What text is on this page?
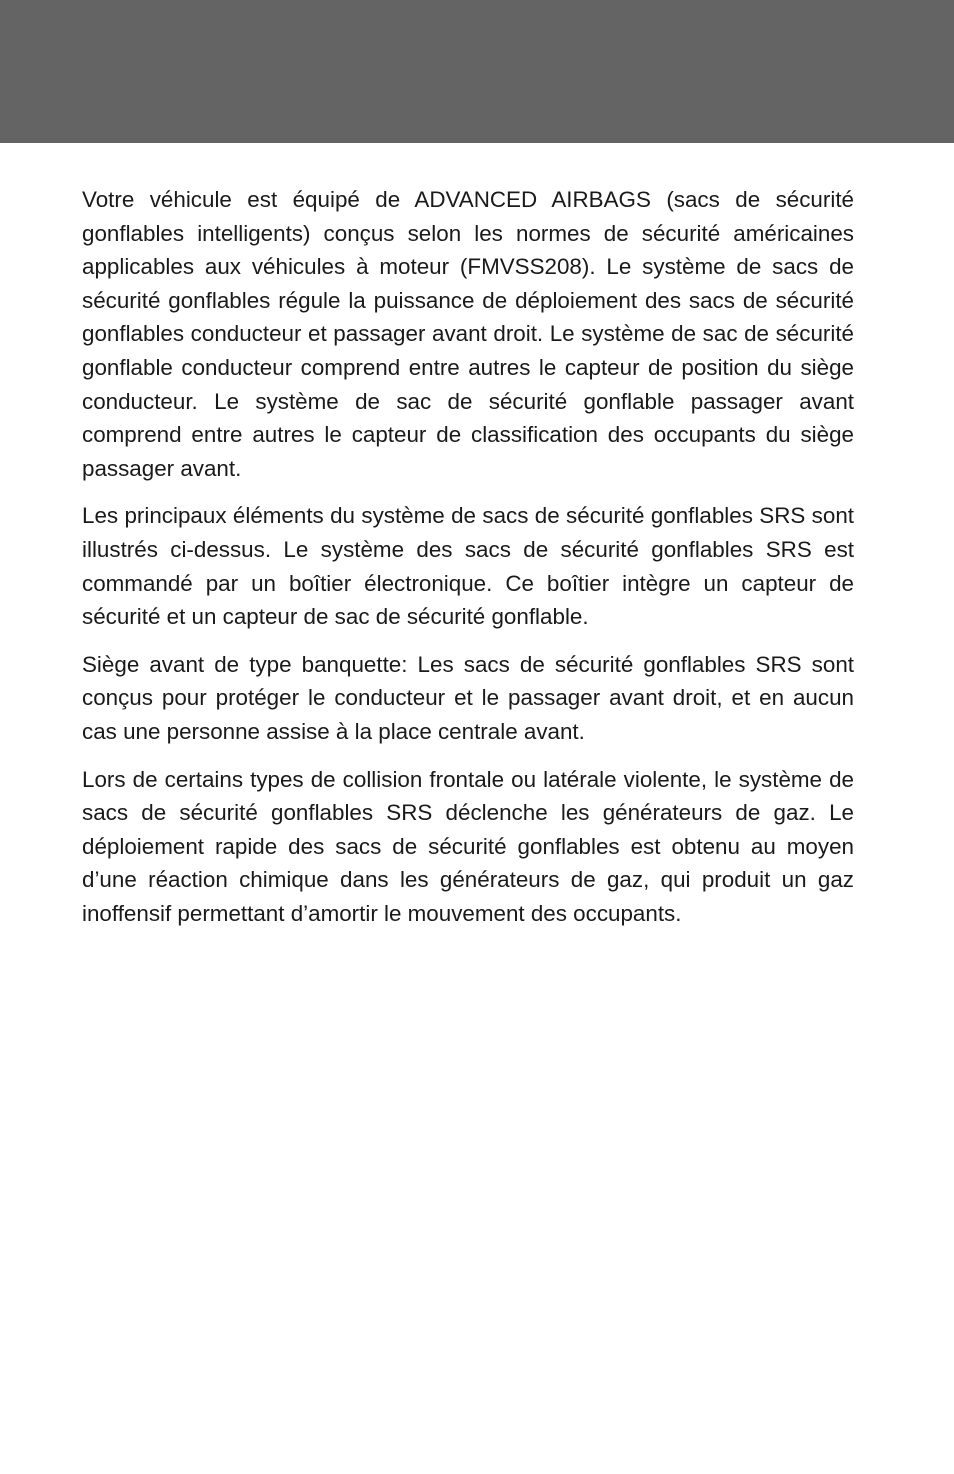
Votre véhicule est équipé de ADVANCED AIRBAGS (sacs de sécurité gonflables intelligents) conçus selon les normes de sécurité américaines applicables aux véhicules à moteur (FMVSS208). Le système de sacs de sécurité gonflables régule la puissance de déploiement des sacs de sécurité gonflables conducteur et passager avant droit. Le système de sac de sécurité gonflable conducteur comprend entre autres le capteur de position du siège conducteur. Le système de sac de sécurité gonflable passager avant comprend entre autres le capteur de classification des occupants du siège passager avant.

Les principaux éléments du système de sacs de sécurité gonflables SRS sont illustrés ci-dessus. Le système des sacs de sécurité gonflables SRS est commandé par un boîtier électronique. Ce boîtier intègre un capteur de sécurité et un capteur de sac de sécurité gonflable.

Siège avant de type banquette: Les sacs de sécurité gonflables SRS sont conçus pour protéger le conducteur et le passager avant droit, et en aucun cas une personne assise à la place centrale avant.

Lors de certains types de collision frontale ou latérale violente, le système de sacs de sécurité gonflables SRS déclenche les générateurs de gaz. Le déploiement rapide des sacs de sécurité gonflables est obtenu au moyen d’une réaction chimique dans les générateurs de gaz, qui produit un gaz inoffensif permettant d’amortir le mouvement des occupants.
